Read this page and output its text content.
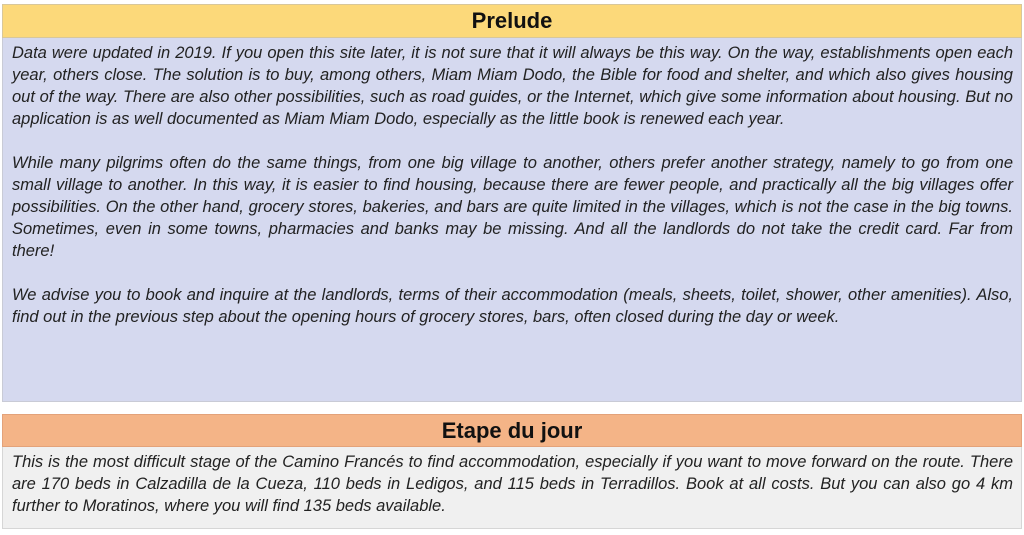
Prelude

Data were updated in 2019. If you open this site later, it is not sure that it will always be this way. On the way, establishments open each year, others close. The solution is to buy, among others, Miam Miam Dodo, the Bible for food and shelter, and which also gives housing out of the way. There are also other possibilities, such as road guides, or the Internet, which give some information about housing. But no application is as well documented as Miam Miam Dodo, especially as the little book is renewed each year.

While many pilgrims often do the same things, from one big village to another, others prefer another strategy, namely to go from one small village to another. In this way, it is easier to find housing, because there are fewer people, and practically all the big villages offer possibilities. On the other hand, grocery stores, bakeries, and bars are quite limited in the villages, which is not the case in the big towns. Sometimes, even in some towns, pharmacies and banks may be missing. And all the landlords do not take the credit card. Far from there!

We advise you to book and inquire at the landlords, terms of their accommodation (meals, sheets, toilet, shower, other amenities). Also, find out in the previous step about the opening hours of grocery stores, bars, often closed during the day or week.

Etape du jour

This is the most difficult stage of the Camino Francés to find accommodation, especially if you want to move forward on the route. There are 170 beds in Calzadilla de la Cueza, 110 beds in Ledigos, and 115 beds in Terradillos. Book at all costs. But you can also go 4 km further to Moratinos, where you will find 135 beds available.
